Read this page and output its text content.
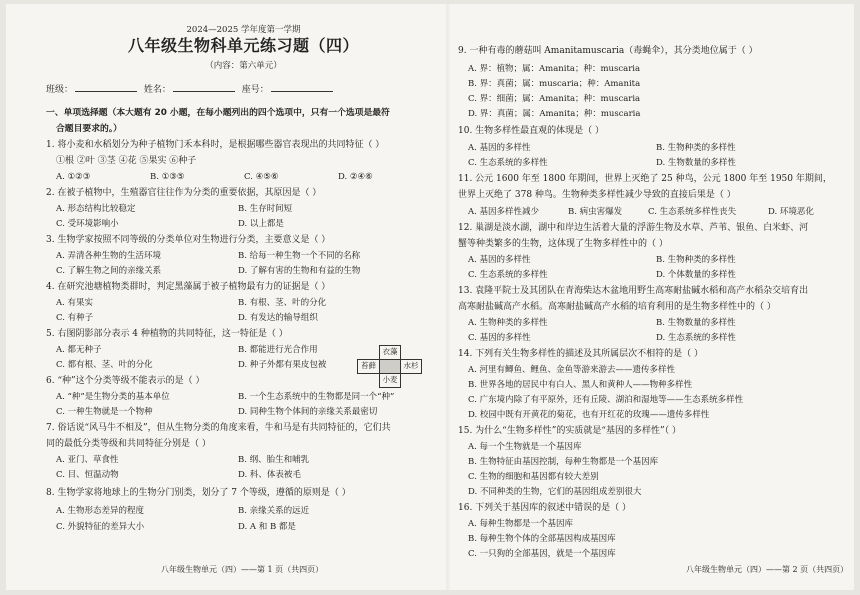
2024—2025 学年度第一学期
八年级生物科单元练习题（四）
（内容：第六单元）
班级：	姓名：	座号：
一、单项选择题（本大题有 20 小题，在每小题列出的四个选项中，只有一个选项是最符
合题目要求的。）
1. 将小麦和水稻划分为种子植物门禾本科时，是根据哪些器官表现出的共同特征（ ）
①根 ②叶 ③茎 ④花 ⑤果实 ⑥种子
A. ①②③	B. ①③⑤	C. ④⑤⑥	D. ②④⑥
2. 在被子植物中，生殖器官往往作为分类的重要依据，其原因是（ ）
A. 形态结构比较稳定	B. 生存时间短
C. 受环境影响小	D. 以上都是
3. 生物学家按照不同等级的分类单位对生物进行分类，主要意义是（ ）
A. 弄清各种生物的生活环境	B. 给每一种生物一个不同的名称
C. 了解生物之间的亲缘关系	D. 了解有害的生物和有益的生物
4. 在研究池塘植物类群时，判定黑藻属于被子植物最有力的证据是（ ）
A. 有果实	B. 有根、茎、叶的分化
C. 有种子	D. 有发达的输导组织
5. 右图阴影部分表示 4 种植物的共同特征，这一特征是（ ）
A. 都无种子	B. 都能进行光合作用
C. 都有根、茎、叶的分化	D. 种子外都有果皮包被
衣藻
苔藓	水杉
小麦
6. “种”这个分类等级不能表示的是（ ）
A. “种”是生物分类的基本单位	B. 一个生态系统中的生物都是同一个“种”
C. 一种生物就是一个物种	D. 同种生物个体间的亲缘关系最密切
7. 俗话说“风马牛不相及”，但从生物分类的角度来看，牛和马是有共同特征的，它们共
同的最低分类等级和共同特征分别是（ ）
A. 亚门、草食性	B. 纲、胎生和哺乳
C. 目、恒温动物	D. 科、体表被毛
8. 生物学家将地球上的生物分门别类，划分了 7 个等级，遵循的原则是（ ）
A. 生物形态差异的程度	B. 亲缘关系的远近
C. 外貌特征的差异大小	D. A 和 B 都是
八年级生物单元（四）——第 1 页（共四页）
9. 一种有毒的蘑菇叫 Amanitamuscaria（毒蝇伞），其分类地位属于（ ）
A. 界：植物；属：Amanita；种：muscaria
B. 界：真菌；属：muscaria；种：Amanita
C. 界：细菌；属：Amanita；种：muscaria
D. 界：真菌；属：Amanita；种：muscaria
10. 生物多样性最直观的体现是（ ）
A. 基因的多样性	B. 生物种类的多样性
C. 生态系统的多样性	D. 生物数量的多样性
11. 公元 1600 年至 1800 年期间，世界上灭绝了 25 种鸟，公元 1800 年至 1950 年期间，
世界上灭绝了 378 种鸟。生物种类多样性减少导致的直接后果是（ ）
A. 基因多样性减少	B. 病虫害爆发	C. 生态系统多样性丧失	D. 环境恶化
12. 巢湖是淡水湖，湖中和岸边生活着大量的浮游生物及水草、芦苇、银鱼、白米虾、河
蟹等种类繁多的生物，这体现了生物多样性中的（ ）
A. 基因的多样性	B. 生物种类的多样性
C. 生态系统的多样性	D. 个体数量的多样性
13. 袁隆平院士及其团队在青海柴达木盆地用野生高寒耐盐碱水稻和高产水稻杂交培育出
高寒耐盐碱高产水稻。高寒耐盐碱高产水稻的培育利用的是生物多样性中的（ ）
A. 生物种类的多样性	B. 生物数量的多样性
C. 基因的多样性	D. 生态系统的多样性
14. 下列有关生物多样性的描述及其所属层次不相符的是（ ）
A. 河里有鲫鱼、鲤鱼、金鱼等游来游去——遗传多样性
B. 世界各地的居民中有白人、黑人和黄种人——物种多样性
C. 广东境内除了有平原外，还有丘陵、湖泊和湿地等——生态系统多样性
D. 校园中既有开黄花的菊花，也有开红花的玫瑰——遗传多样性
15. 为什么“生物多样性”的实质就是“基因的多样性”（ ）
A. 每一个生物就是一个基因库
B. 生物特征由基因控制，每种生物都是一个基因库
C. 生物的细胞和基因都有较大差别
D. 不同种类的生物，它们的基因组成差别很大
16. 下列关于基因库的叙述中错误的是（ ）
A. 每种生物都是一个基因库
B. 每种生物个体的全部基因构成基因库
C. 一只狗的全部基因，就是一个基因库
八年级生物单元（四）——第 2 页（共四页）
